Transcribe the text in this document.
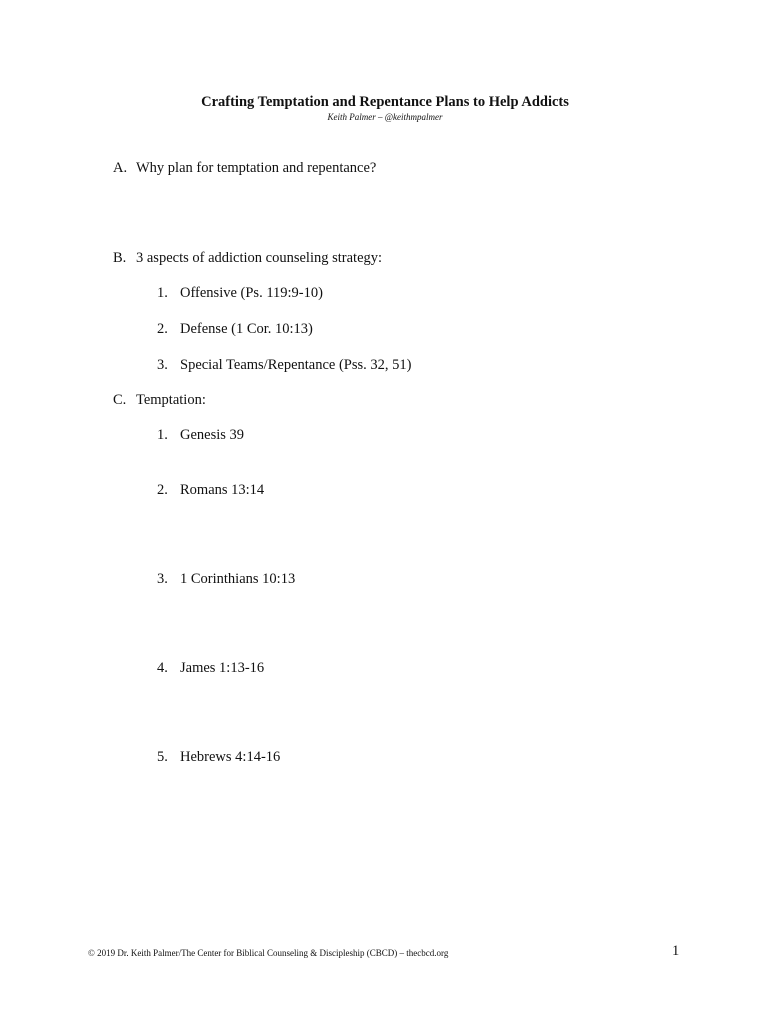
Crafting Temptation and Repentance Plans to Help Addicts
Keith Palmer – @keithmpalmer
A. Why plan for temptation and repentance?
B. 3 aspects of addiction counseling strategy:
1. Offensive (Ps. 119:9-10)
2. Defense (1 Cor. 10:13)
3. Special Teams/Repentance (Pss. 32, 51)
C. Temptation:
1. Genesis 39
2. Romans 13:14
3. 1 Corinthians 10:13
4. James 1:13-16
5. Hebrews 4:14-16
© 2019 Dr. Keith Palmer/The Center for Biblical Counseling & Discipleship (CBCD) – thecbcd.org	1
